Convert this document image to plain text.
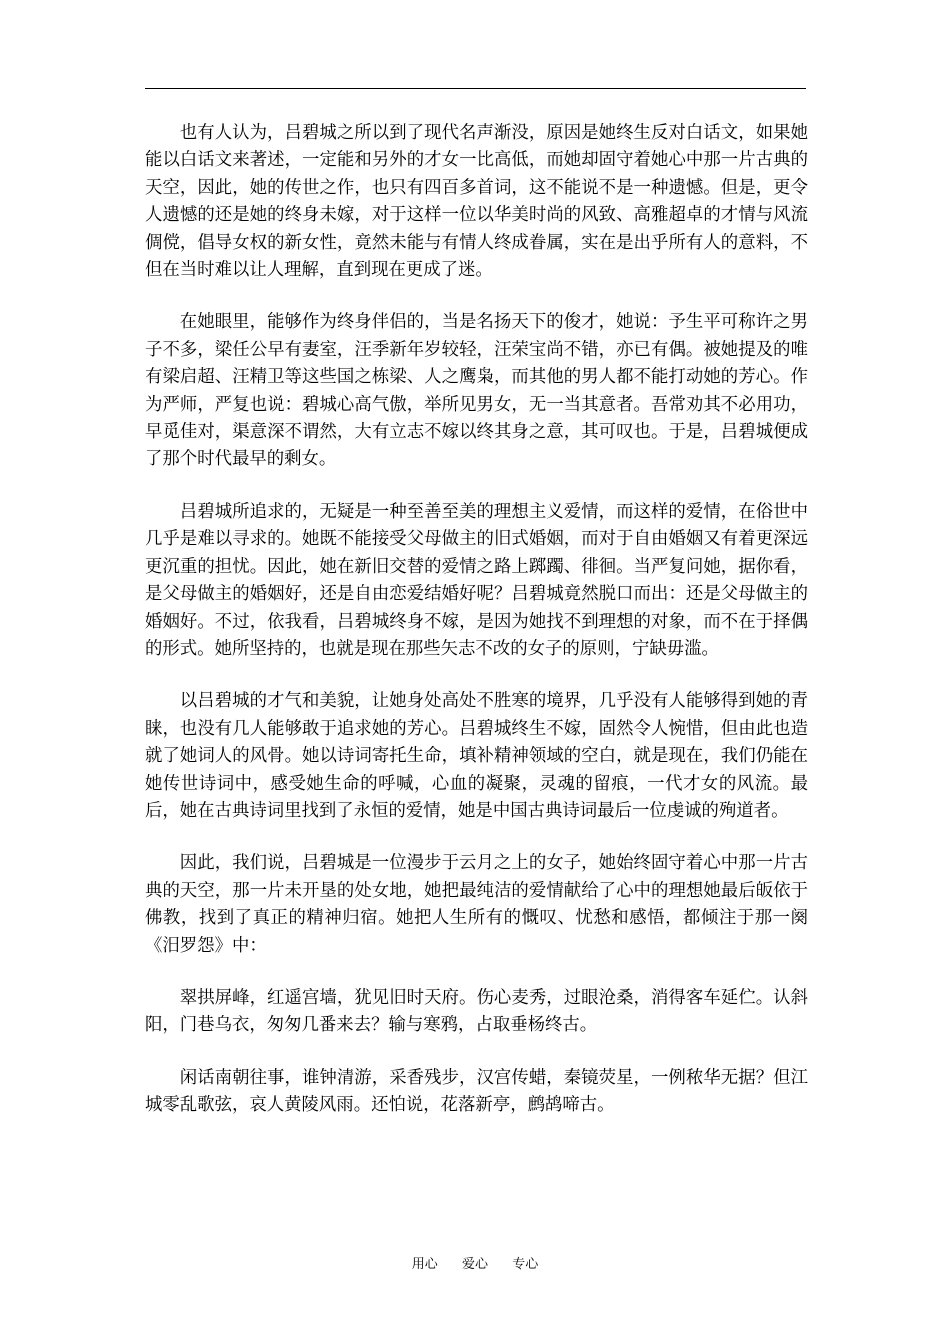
也有人认为，吕碧城之所以到了现代名声渐没，原因是她终生反对白话文，如果她能以白话文来著述，一定能和另外的才女一比高低，而她却固守着她心中那一片古典的天空，因此，她的传世之作，也只有四百多首词，这不能说不是一种遗憾。但是，更令人遗憾的还是她的终身未嫁，对于这样一位以华美时尚的风致、高雅超卓的才情与风流倜傥，倡导女权的新女性，竟然未能与有情人终成眷属，实在是出乎所有人的意料，不但在当时难以让人理解，直到现在更成了迷。

在她眼里，能够作为终身伴侣的，当是名扬天下的俊才，她说：予生平可称许之男子不多，梁任公早有妻室，汪季新年岁较轻，汪荣宝尚不错，亦已有偶。被她提及的唯有梁启超、汪精卫等这些国之栋梁、人之鹰枭，而其他的男人都不能打动她的芳心。作为严师，严复也说：碧城心高气傲，举所见男女，无一当其意者。吾常劝其不必用功，早觅佳对，渠意深不谓然，大有立志不嫁以终其身之意，其可叹也。于是，吕碧城便成了那个时代最早的剩女。

吕碧城所追求的，无疑是一种至善至美的理想主义爱情，而这样的爱情，在俗世中几乎是难以寻求的。她既不能接受父母做主的旧式婚姻，而对于自由婚姻又有着更深远更沉重的担忧。因此，她在新旧交替的爱情之路上踯躅、徘徊。当严复问她，据你看，是父母做主的婚姻好，还是自由恋爱结婚好呢？吕碧城竟然脱口而出：还是父母做主的婚姻好。不过，依我看，吕碧城终身不嫁，是因为她找不到理想的对象，而不在于择偶的形式。她所坚持的，也就是现在那些矢志不改的女子的原则，宁缺毋滥。

以吕碧城的才气和美貌，让她身处高处不胜寒的境界，几乎没有人能够得到她的青睐，也没有几人能够敢于追求她的芳心。吕碧城终生不嫁，固然令人惋惜，但由此也造就了她词人的风骨。她以诗词寄托生命，填补精神领域的空白，就是现在，我们仍能在她传世诗词中，感受她生命的呼喊，心血的凝聚，灵魂的留痕，一代才女的风流。最后，她在古典诗词里找到了永恒的爱情，她是中国古典诗词最后一位虔诚的殉道者。

因此，我们说，吕碧城是一位漫步于云月之上的女子，她始终固守着心中那一片古典的天空，那一片未开垦的处女地，她把最纯洁的爱情献给了心中的理想她最后皈依于佛教，找到了真正的精神归宿。她把人生所有的慨叹、忧愁和感悟，都倾注于那一阕《汨罗怨》中：

翠拱屏峰，红遥宫墙，犹见旧时天府。伤心麦秀，过眼沧桑，消得客车延伫。认斜阳，门巷乌衣，匆匆几番来去？输与寒鸦，占取垂杨终古。

闲话南朝往事，谁钟清游，采香残步，汉宫传蜡，秦镜荧星，一例秾华无据？但江城零乱歌弦，哀人黄陵风雨。还怕说，花落新亭，鹧鸪啼古。

用心  爱心  专心
